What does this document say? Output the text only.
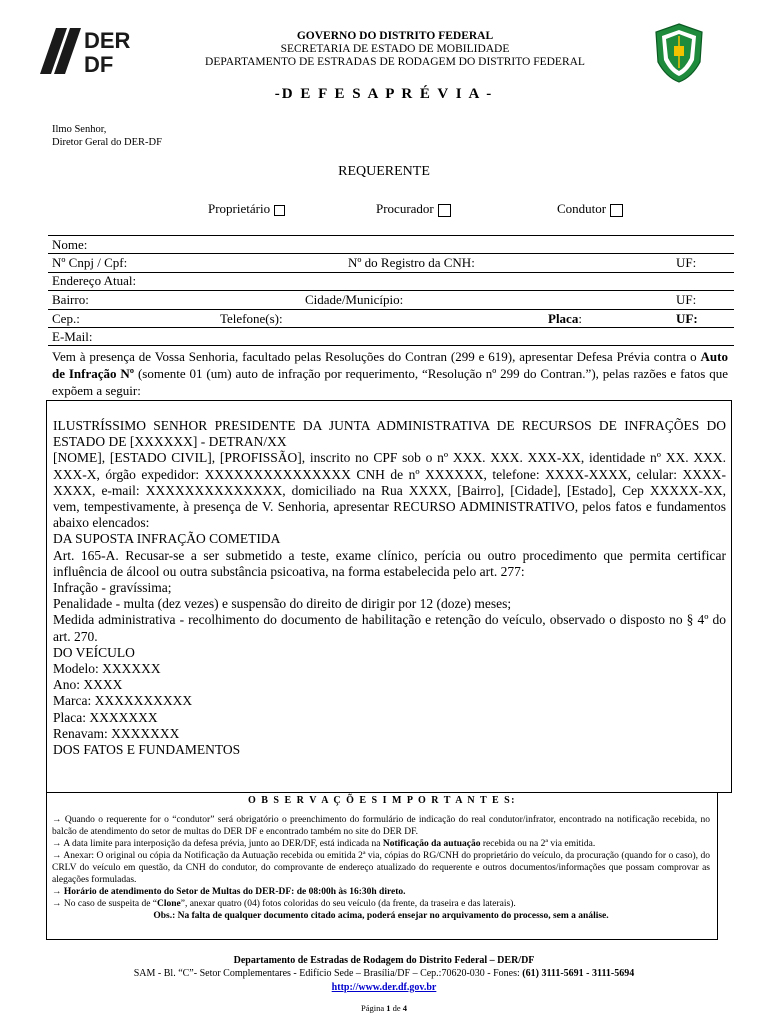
DER
DF
GOVERNO DO DISTRITO FEDERAL
SECRETARIA DE ESTADO DE MOBILIDADE
DEPARTAMENTO DE ESTRADAS DE RODAGEM DO DISTRITO FEDERAL
-D E F E S A P R É V I A -
Ilmo Senhor,
Diretor Geral do DER-DF
REQUERENTE
Proprietário	Procurador	Condutor
Nome:
Nº Cnpj / Cpf:	Nº do Registro da CNH:	UF:
Endereço Atual:
Bairro:	Cidade/Município:	UF:
Cep.:	Telefone(s):	Placa:	UF:
E-Mail:
Vem à presença de Vossa Senhoria, facultado pelas Resoluções do Contran (299 e 619), apresentar Defesa Prévia contra o Auto de Infração Nº (somente 01 (um) auto de infração por requerimento, “Resolução nº 299 do Contran.”), pelas razões e fatos que expõem a seguir:

ILUSTRÍSSIMO SENHOR PRESIDENTE DA JUNTA ADMINISTRATIVA DE RECURSOS DE INFRAÇÕES DO ESTADO DE [XXXXXX] - DETRAN/XX

[NOME], [ESTADO CIVIL], [PROFISSÃO], inscrito no CPF sob o nº XXX. XXX. XXX-XX, identidade nº XX. XXX. XXX-X, órgão expedidor: XXXXXXXXXXXXXXX CNH de nº XXXXXX, telefone: XXXX-XXXX, celular: XXXX-XXXX, e-mail: XXXXXXXXXXXXXX, domiciliado na Rua XXXX, [Bairro], [Cidade], [Estado], Cep XXXXX-XX, vem, tempestivamente, à presença de V. Senhoria, apresentar RECURSO ADMINISTRATIVO, pelos fatos e fundamentos abaixo elencados:

DA SUPOSTA INFRAÇÃO COMETIDA

Art. 165-A. Recusar-se a ser submetido a teste, exame clínico, perícia ou outro procedimento que permita certificar influência de álcool ou outra substância psicoativa, na forma estabelecida pelo art. 277:

Infração - gravíssima;

Penalidade - multa (dez vezes) e suspensão do direito de dirigir por 12 (doze) meses;

Medida administrativa - recolhimento do documento de habilitação e retenção do veículo, observado o disposto no § 4º do art. 270.

DO VEÍCULO

Modelo: XXXXXX

Ano: XXXX

Marca: XXXXXXXXXX

Placa: XXXXXXX

Renavam: XXXXXXX

DOS FATOS E FUNDAMENTOS

O B S E R V A Ç Õ E S I M P O R T A N T E S:

→ Quando o requerente for o “condutor” será obrigatório o preenchimento do formulário de indicação do real condutor/infrator, encontrado na notificação recebida, no balcão de atendimento do setor de multas do DER DF e encontrado também no site do DER DF.

→ A data limite para interposição da defesa prévia, junto ao DER/DF, está indicada na Notificação da autuação recebida ou na 2ª via emitida.

→ Anexar: O original ou cópia da Notificação da Autuação recebida ou emitida 2ª via, cópias do RG/CNH do proprietário do veículo, da procuração (quando for o caso), do CRLV do veículo em questão, da CNH do condutor, do comprovante de endereço atualizado do requerente e outros documentos/informações que possam comprovar as alegações formuladas.

→ Horário de atendimento do Setor de Multas do DER-DF: de 08:00h às 16:30h direto.

→ No caso de suspeita de “Clone”, anexar quatro (04) fotos coloridas do seu veículo (da frente, da traseira e das laterais).

Obs.: Na falta de qualquer documento citado acima, poderá ensejar no arquivamento do processo, sem a análise.

Departamento de Estradas de Rodagem do Distrito Federal – DER/DF
SAM - Bl. “C”- Setor Complementares - Edifício Sede – Brasília/DF – Cep.:70620-030 - Fones: (61) 3111-5691 - 3111-5694
http://www.der.df.gov.br
Página 1 de 4
